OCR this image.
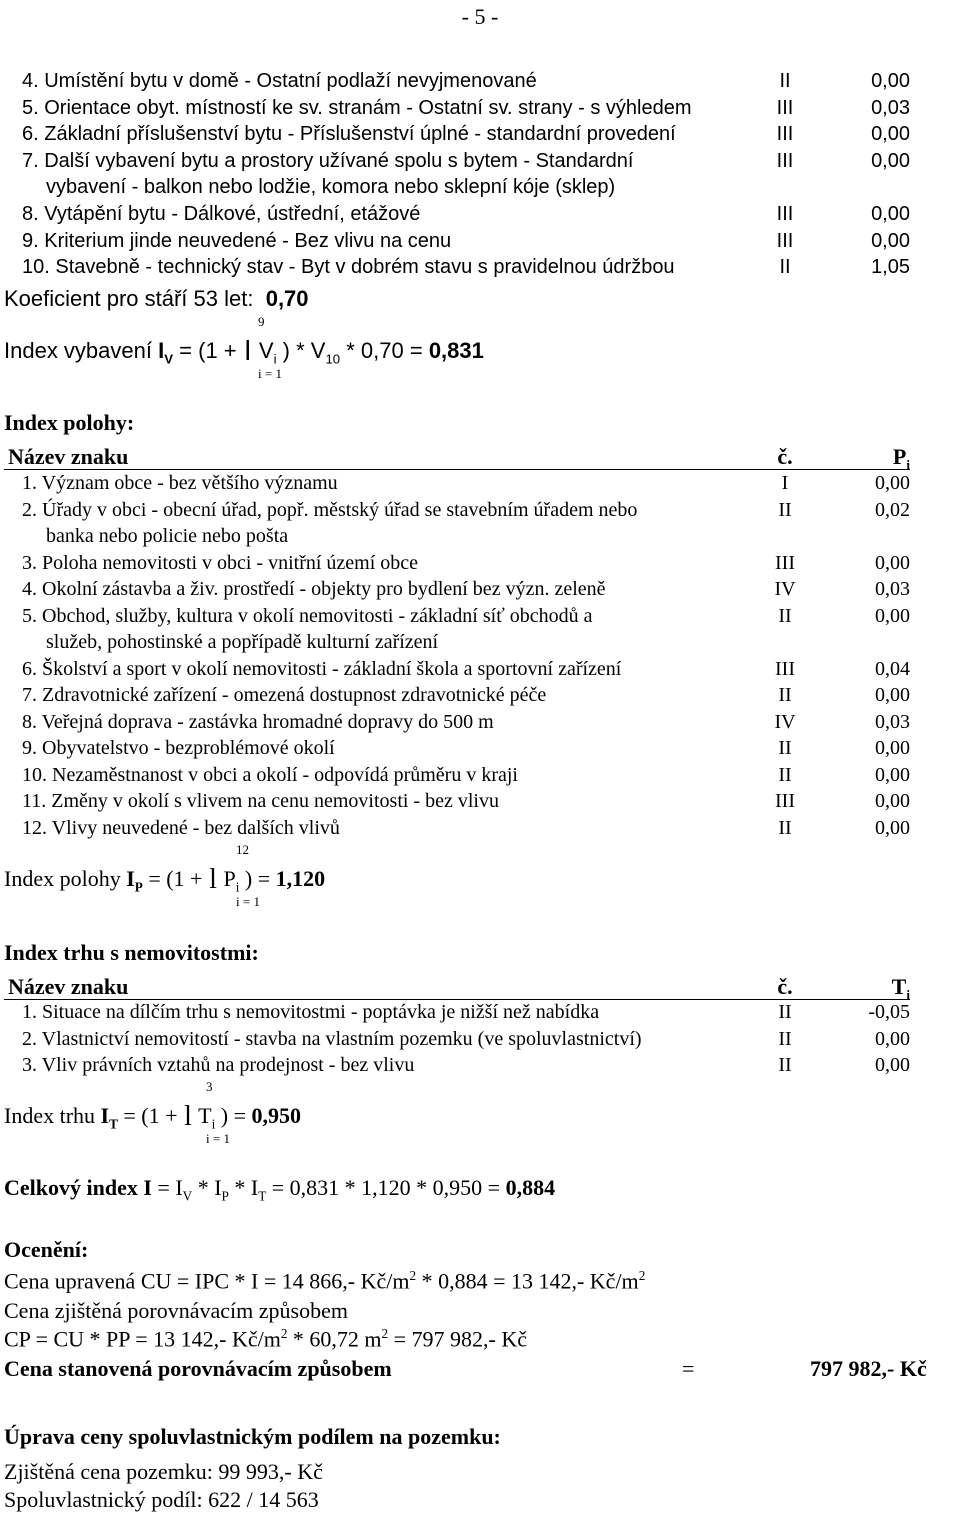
- 5 -
4. Umístění bytu v domě - Ostatní podlaží nevyjmenované	II	0,00
5. Orientace obyt. místností ke sv. stranám - Ostatní sv. strany - s výhledem	III	0,03
6. Základní příslušenství bytu - Příslušenství úplné - standardní provedení	III	0,00
7. Další vybavení bytu a prostory užívané spolu s bytem - Standardní	III	0,00
vybavení - balkon nebo lodžie, komora nebo sklepní kóje (sklep)
8. Vytápění bytu - Dálkové, ústřední, etážové	III	0,00
9. Kriterium jinde neuvedené - Bez vlivu na cenu	III	0,00
10. Stavebně - technický stav - Byt v dobrém stavu s pravidelnou údržbou	II	1,05
Koeficient pro stáří 53 let: 0,70
Index vybavení $I_V = (1 + l$ $V_i$ ) * $V_{10} * 0,70 = 0,831$
9
i = 1
Index polohy:
Název znaku	č.	$P_i$
1. Význam obce - bez většího významu	I	0,00
2. Úřady v obci - obecní úřad, popř. městský úřad se stavebním úřadem nebo	II	0,02
banka nebo policie nebo pošta
3. Poloha nemovitosti v obci - vnitřní území obce	III	0,00
4. Okolní zástavba a živ. prostředí - objekty pro bydlení bez význ. zeleně	IV	0,03
5. Obchod, služby, kultura v okolí nemovitosti - základní síť obchodů a	II	0,00
služeb, pohostinské a popřípadě kulturní zařízení
6. Školství a sport v okolí nemovitosti - základní škola a sportovní zařízení	III	0,04
7. Zdravotnické zařízení - omezená dostupnost zdravotnické péče	II	0,00
8. Veřejná doprava - zastávka hromadné dopravy do 500 m	IV	0,03
9. Obyvatelstvo - bezproblémové okolí	II	0,00
10. Nezaměstnanost v obci a okolí - odpovídá průměru v kraji	II	0,00
11. Změny v okolí s vlivem na cenu nemovitosti - bez vlivu	III	0,00
12. Vlivy neuvedené - bez dalších vlivů	II	0,00
Index polohy $I_P = (1 + l$ $P_i$ ) = 1,120
12
i = 1
Index trhu s nemovitostmi:
Název znaku	č.	$T_i$
1. Situace na dílčím trhu s nemovitostmi - poptávka je nižší než nabídka	II	-0,05
2. Vlastnictví nemovitostí - stavba na vlastním pozemku (ve spoluvlastnictví)	II	0,00
3. Vliv právních vztahů na prodejnost - bez vlivu	II	0,00
Index trhu $I_T = (1 + l$ $T_i$ ) = 0,950
3
i = 1
Celkový index $I = I_V * I_P * I_T = 0,831 * 1,120 * 0,950 = 0,884$
Ocenění:
Cena upravená CU = IPC * I = 14 866,- $Kč/m^2 * 0,884 = 13$ 142,- $Kč/m^2$
Cena zjištěná porovnávacím způsobem
CP = CU * PP = 13 142,- $Kč/m^2 * 60,72$ $m^2 = 797$ 982,- Kč
Cena stanovená porovnávacím způsobem	=	797 982,- Kč
Úprava ceny spoluvlastnickým podílem na pozemku:
Zjištěná cena pozemku: 99 993,- Kč
Spoluvlastnický podíl: 622 / 14 563
